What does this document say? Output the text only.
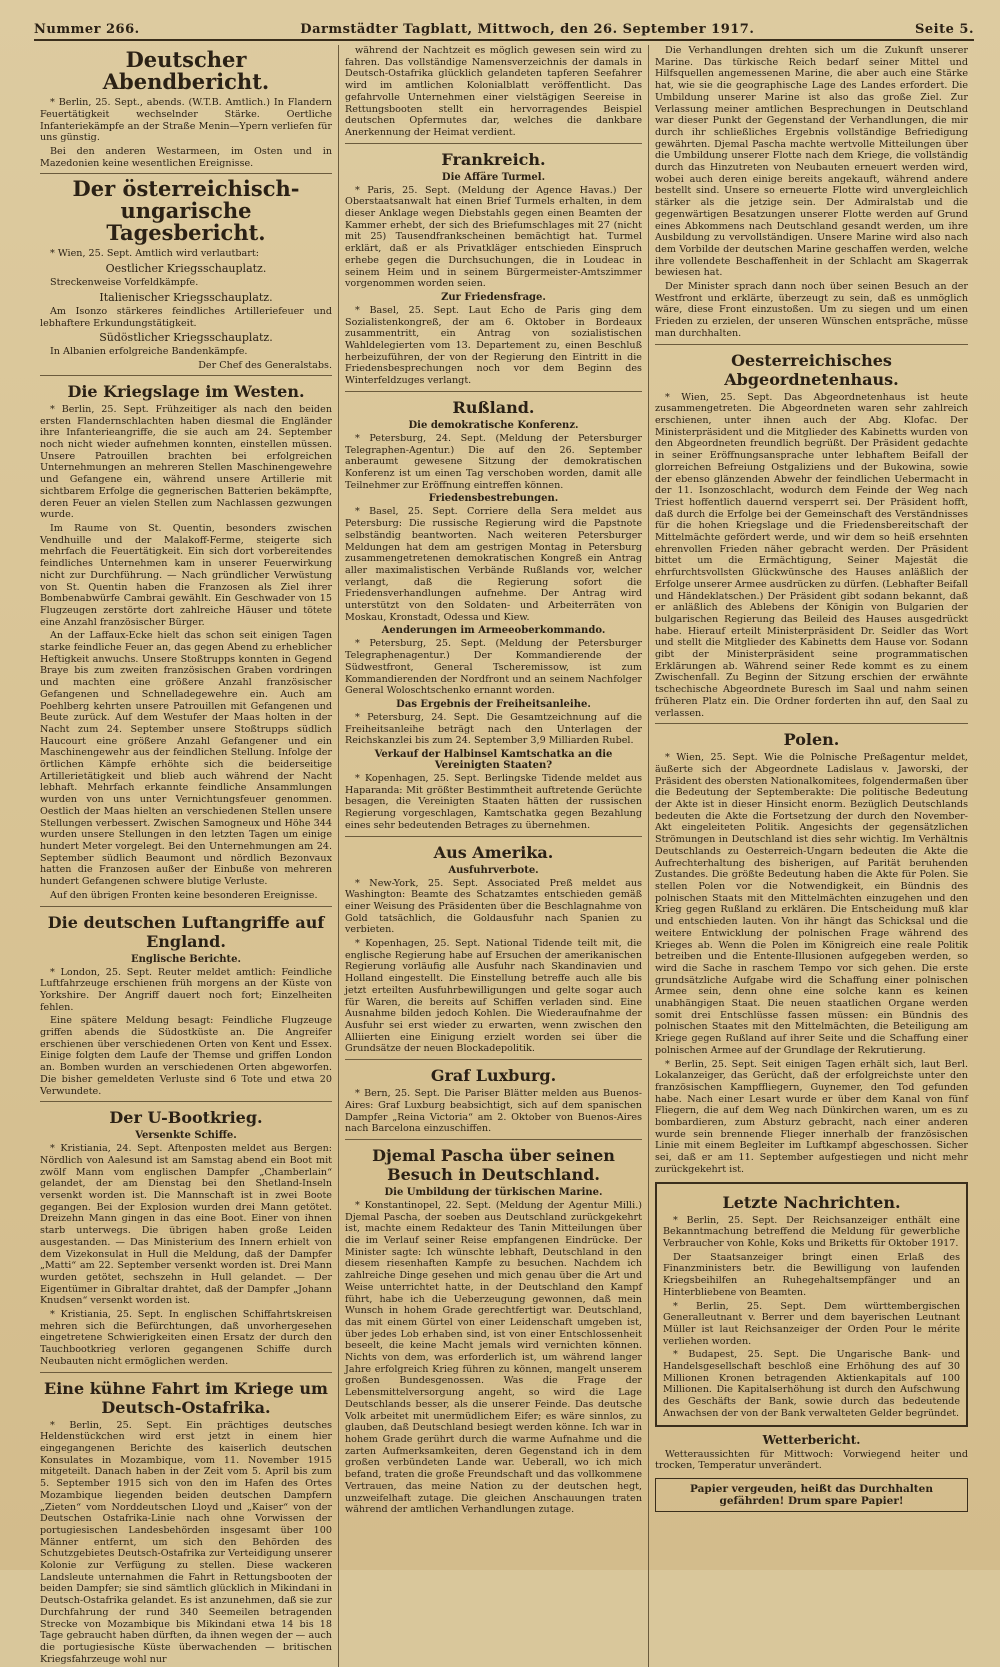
Nummer 266.	Darmstädter Tagblatt, Mittwoch, den 26. September 1917.	Seite 5.
Deutscher Abendbericht.

* Berlin, 25. Sept., abends. (W.T.B. Amtlich.) In Flandern Feuertätigkeit wechselnder Stärke. Oertliche Infanteriekämpfe an der Straße Menin—Ypern verliefen für uns günstig.

Bei den anderen Westarmeen, im Osten und in Mazedonien keine wesentlichen Ereignisse.

Der österreichisch-ungarische Tagesbericht.

* Wien, 25. Sept. Amtlich wird verlautbart:

Oestlicher Kriegsschauplatz.

Streckenweise Vorfeldkämpfe.

Italienischer Kriegsschauplatz.

Am Isonzo stärkeres feindliches Artilleriefeuer und lebhaftere Erkundungstätigkeit.

Südöstlicher Kriegsschauplatz.

In Albanien erfolgreiche Bandenkämpfe.

Der Chef des Generalstabs.
Die Kriegslage im Westen.

* Berlin, 25. Sept. Frühzeitiger als nach den beiden ersten Flandernschlachten haben diesmal die Engländer ihre Infanterieangriffe, die sie auch am 24. September noch nicht wieder aufnehmen konnten, einstellen müssen. Unsere Patrouillen brachten bei erfolgreichen Unternehmungen an mehreren Stellen Maschinengewehre und Gefangene ein, während unsere Artillerie mit sichtbarem Erfolge die gegnerischen Batterien bekämpfte, deren Feuer an vielen Stellen zum Nachlassen gezwungen wurde.

Im Raume von St. Quentin, besonders zwischen Vendhuille und der Malakoff-Ferme, steigerte sich mehrfach die Feuertätigkeit. Ein sich dort vorbereitendes feindliches Unternehmen kam in unserer Feuerwirkung nicht zur Durchführung. — Nach gründlicher Verwüstung von St. Quentin haben die Franzosen als Ziel ihrer Bombenabwürfe Cambrai gewählt. Ein Geschwader von 15 Flugzeugen zerstörte dort zahlreiche Häuser und tötete eine Anzahl französischer Bürger.

An der Laffaux-Ecke hielt das schon seit einigen Tagen starke feindliche Feuer an, das gegen Abend zu erheblicher Heftigkeit anwuchs. Unsere Stoßtrupps konnten in Gegend Braye bis zum zweiten französischen Graben vordringen und machten eine größere Anzahl französischer Gefangenen und Schnelladegewehre ein. Auch am Poehlberg kehrten unsere Patrouillen mit Gefangenen und Beute zurück. Auf dem Westufer der Maas holten in der Nacht zum 24. September unsere Stoßtrupps südlich Haucourt eine größere Anzahl Gefangener und ein Maschinengewehr aus der feindlichen Stellung. Infolge der örtlichen Kämpfe erhöhte sich die beiderseitige Artillerietätigkeit und blieb auch während der Nacht lebhaft. Mehrfach erkannte feindliche Ansammlungen wurden von uns unter Vernichtungsfeuer genommen. Oestlich der Maas hielten an verschiedenen Stellen unsere Stellungen verbessert. Zwischen Samogneux und Höhe 344 wurden unsere Stellungen in den letzten Tagen um einige hundert Meter vorgelegt. Bei den Unternehmungen am 24. September südlich Beaumont und nördlich Bezonvaux hatten die Franzosen außer der Einbuße von mehreren hundert Gefangenen schwere blutige Verluste.

Auf den übrigen Fronten keine besonderen Ereignisse.

Die deutschen Luftangriffe auf England.
Englische Berichte.

* London, 25. Sept. Reuter meldet amtlich: Feindliche Luftfahrzeuge erschienen früh morgens an der Küste von Yorkshire. Der Angriff dauert noch fort; Einzelheiten fehlen.

Eine spätere Meldung besagt: Feindliche Flugzeuge griffen abends die Südostküste an. Die Angreifer erschienen über verschiedenen Orten von Kent und Essex. Einige folgten dem Laufe der Themse und griffen London an. Bomben wurden an verschiedenen Orten abgeworfen. Die bisher gemeldeten Verluste sind 6 Tote und etwa 20 Verwundete.

Der U-Bootkrieg.
Versenkte Schiffe.

* Kristiania, 24. Sept. Aftenposten meldet aus Bergen: Nördlich von Aalesund ist am Samstag abend ein Boot mit zwölf Mann vom englischen Dampfer „Chamberlain“ gelandet, der am Dienstag bei den Shetland-Inseln versenkt worden ist. Die Mannschaft ist in zwei Boote gegangen. Bei der Explosion wurden drei Mann getötet. Dreizehn Mann gingen in das eine Boot. Einer von ihnen starb unterwegs. Die übrigen haben große Leiden ausgestanden. — Das Ministerium des Innern erhielt von dem Vizekonsulat in Hull die Meldung, daß der Dampfer „Matti“ am 22. September versenkt worden ist. Drei Mann wurden getötet, sechszehn in Hull gelandet. — Der Eigentümer in Gibraltar drahtet, daß der Dampfer „Johann Knudsen“ versenkt worden ist.

* Kristiania, 25. Sept. In englischen Schiffahrtskreisen mehren sich die Befürchtungen, daß unvorhergesehen eingetretene Schwierigkeiten einen Ersatz der durch den Tauchbootkrieg verloren gegangenen Schiffe durch Neubauten nicht ermöglichen werden.

Eine kühne Fahrt im Kriege um Deutsch-Ostafrika.

* Berlin, 25. Sept. Ein prächtiges deutsches Heldenstückchen wird erst jetzt in einem hier eingegangenen Berichte des kaiserlich deutschen Konsulates in Mozambique, vom 11. November 1915 mitgeteilt. Danach haben in der Zeit vom 5. April bis zum 5. September 1915 sich von den im Hafen des Ortes Mozambique liegenden beiden deutschen Dampfern „Zieten“ vom Norddeutschen Lloyd und „Kaiser“ von der Deutschen Ostafrika-Linie nach ohne Vorwissen der portugiesischen Landesbehörden insgesamt über 100 Männer entfernt, um sich den Behörden des Schutzgebietes Deutsch-Ostafrika zur Verteidigung unserer Kolonie zur Verfügung zu stellen. Diese wackeren Landsleute unternahmen die Fahrt in Rettungsbooten der beiden Dampfer; sie sind sämtlich glücklich in Mikindani in Deutsch-Ostafrika gelandet. Es ist anzunehmen, daß sie zur Durchfahrung der rund 340 Seemeilen betragenden Strecke von Mozambique bis Mikindani etwa 14 bis 18 Tage gebraucht haben dürften, da ihnen wegen der — auch die portugiesische Küste überwachenden — britischen Kriegsfahrzeuge wohl nur

während der Nachtzeit es möglich gewesen sein wird zu fahren. Das vollständige Namensverzeichnis der damals in Deutsch-Ostafrika glücklich gelandeten tapferen Seefahrer wird im amtlichen Kolonialblatt veröffentlicht. Das gefahrvolle Unternehmen einer vielstägigen Seereise in Rettungsbooten stellt ein hervorragendes Beispiel deutschen Opfermutes dar, welches die dankbare Anerkennung der Heimat verdient.

Frankreich.
Die Affäre Turmel.

* Paris, 25. Sept. (Meldung der Agence Havas.) Der Oberstaatsanwalt hat einen Brief Turmels erhalten, in dem dieser Anklage wegen Diebstahls gegen einen Beamten der Kammer erhebt, der sich des Briefumschlages mit 27 (nicht mit 25) Tausendfrankscheinen bemächtigt hat. Turmel erklärt, daß er als Privatkläger entschieden Einspruch erhebe gegen die Durchsuchungen, die in Loudeac in seinem Heim und in seinem Bürgermeister-Amtszimmer vorgenommen worden seien.

Zur Friedensfrage.

* Basel, 25. Sept. Laut Echo de Paris ging dem Sozialistenkongreß, der am 6. Oktober in Bordeaux zusammentritt, ein Antrag von sozialistischen Wahldelegierten vom 13. Departement zu, einen Beschluß herbeizuführen, der von der Regierung den Eintritt in die Friedensbesprechungen noch vor dem Beginn des Winterfeldzuges verlangt.

Rußland.
Die demokratische Konferenz.

* Petersburg, 24. Sept. (Meldung der Petersburger Telegraphen-Agentur.) Die auf den 26. September anberaumt gewesene Sitzung der demokratischen Konferenz ist um einen Tag verschoben worden, damit alle Teilnehmer zur Eröffnung eintreffen können.

Friedensbestrebungen.

* Basel, 25. Sept. Corriere della Sera meldet aus Petersburg: Die russische Regierung wird die Papstnote selbständig beantworten. Nach weiteren Petersburger Meldungen hat dem am gestrigen Montag in Petersburg zusammengetretenen demokratischen Kongreß ein Antrag aller maximalistischen Verbände Rußlands vor, welcher verlangt, daß die Regierung sofort die Friedensverhandlungen aufnehme. Der Antrag wird unterstützt von den Soldaten- und Arbeiterräten von Moskau, Kronstadt, Odessa und Kiew.

Aenderungen im Armeeoberkommando.

* Petersburg, 25. Sept. (Meldung der Petersburger Telegraphenagentur.) Der Kommandierende der Südwestfront, General Tscheremissow, ist zum Kommandierenden der Nordfront und an seinem Nachfolger General Woloschtschenko ernannt worden.

Das Ergebnis der Freiheitsanleihe.

* Petersburg, 24. Sept. Die Gesamtzeichnung auf die Freiheitsanleihe beträgt nach den Unterlagen der Reichskanzlei bis zum 24. September 3,9 Milliarden Rubel.

Verkauf der Halbinsel Kamtschatka an die Vereinigten Staaten?

* Kopenhagen, 25. Sept. Berlingske Tidende meldet aus Haparanda: Mit größter Bestimmtheit auftretende Gerüchte besagen, die Vereinigten Staaten hätten der russischen Regierung vorgeschlagen, Kamtschatka gegen Bezahlung eines sehr bedeutenden Betrages zu übernehmen.

Aus Amerika.
Ausfuhrverbote.

* New-York, 25. Sept. Associated Preß meldet aus Washington: Beamte des Schatzamtes entschieden gemäß einer Weisung des Präsidenten über die Beschlagnahme von Gold tatsächlich, die Goldausfuhr nach Spanien zu verbieten.

* Kopenhagen, 25. Sept. National Tidende teilt mit, die englische Regierung habe auf Ersuchen der amerikanischen Regierung vorläufig alle Ausfuhr nach Skandinavien und Holland eingestellt. Die Einstellung betreffe auch alle bis jetzt erteilten Ausfuhrbewilligungen und gelte sogar auch für Waren, die bereits auf Schiffen verladen sind. Eine Ausnahme bilden jedoch Kohlen. Die Wiederaufnahme der Ausfuhr sei erst wieder zu erwarten, wenn zwischen den Alliierten eine Einigung erzielt worden sei über die Grundsätze der neuen Blockadepolitik.

Graf Luxburg.

* Bern, 25. Sept. Die Pariser Blätter melden aus Buenos-Aires: Graf Luxburg beabsichtigt, sich auf dem spanischen Dampfer „Reina Victoria“ am 2. Oktober von Buenos-Aires nach Barcelona einzuschiffen.

Djemal Pascha über seinen Besuch in Deutschland.
Die Umbildung der türkischen Marine.

* Konstantinopel, 22. Sept. (Meldung der Agentur Milli.) Djemal Pascha, der soeben aus Deutschland zurückgekehrt ist, machte einem Redakteur des Tanin Mitteilungen über die im Verlauf seiner Reise empfangenen Eindrücke. Der Minister sagte: Ich wünschte lebhaft, Deutschland in den diesem riesenhaften Kampfe zu besuchen. Nachdem ich zahlreiche Dinge gesehen und mich genau über die Art und Weise unterrichtet hatte, in der Deutschland den Kampf führt, habe ich die Ueberzeugung gewonnen, daß mein Wunsch in hohem Grade gerechtfertigt war. Deutschland, das mit einem Gürtel von einer Leidenschaft umgeben ist, über jedes Lob erhaben sind, ist von einer Entschlossenheit beseelt, die keine Macht jemals wird vernichten können. Nichts von dem, was erforderlich ist, um während langer Jahre erfolgreich Krieg führen zu können, mangelt unserem großen Bundesgenossen. Was die Frage der Lebensmittelversorgung angeht, so wird die Lage Deutschlands besser, als die unserer Feinde. Das deutsche Volk arbeitet mit unermüdlichem Eifer; es wäre sinnlos, zu glauben, daß Deutschland besiegt werden könne. Ich war in hohem Grade gerührt durch die warme Aufnahme und die zarten Aufmerksamkeiten, deren Gegenstand ich in dem großen verbündeten Lande war. Ueberall, wo ich mich befand, traten die große Freundschaft und das vollkommene Vertrauen, das meine Nation zu der deutschen hegt, unzweifelhaft zutage. Die gleichen Anschauungen traten während der amtlichen Verhandlungen zutage.

Die Verhandlungen drehten sich um die Zukunft unserer Marine. Das türkische Reich bedarf seiner Mittel und Hilfsquellen angemessenen Marine, die aber auch eine Stärke hat, wie sie die geographische Lage des Landes erfordert. Die Umbildung unserer Marine ist also das große Ziel. Zur Verlassung meiner amtlichen Besprechungen in Deutschland war dieser Punkt der Gegenstand der Verhandlungen, die mir durch ihr schließliches Ergebnis vollständige Befriedigung gewährten. Djemal Pascha machte wertvolle Mitteilungen über die Umbildung unserer Flotte nach dem Kriege, die vollständig durch das Hinzutreten von Neubauten erneuert werden wird, wobei auch deren einige bereits angekauft, während andere bestellt sind. Unsere so erneuerte Flotte wird unvergleichlich stärker als die jetzige sein. Der Admiralstab und die gegenwärtigen Besatzungen unserer Flotte werden auf Grund eines Abkommens nach Deutschland gesandt werden, um ihre Ausbildung zu vervollständigen. Unsere Marine wird also nach dem Vorbilde der deutschen Marine geschaffen werden, welche ihre vollendete Beschaffenheit in der Schlacht am Skagerrak bewiesen hat.

Der Minister sprach dann noch über seinen Besuch an der Westfront und erklärte, überzeugt zu sein, daß es unmöglich wäre, diese Front einzustoßen. Um zu siegen und um einen Frieden zu erzielen, der unseren Wünschen entspräche, müsse man durchhalten.

Oesterreichisches Abgeordnetenhaus.

* Wien, 25. Sept. Das Abgeordnetenhaus ist heute zusammengetreten. Die Abgeordneten waren sehr zahlreich erschienen, unter ihnen auch der Abg. Klofac. Der Ministerpräsident und die Mitglieder des Kabinetts wurden von den Abgeordneten freundlich begrüßt. Der Präsident gedachte in seiner Eröffnungsansprache unter lebhaftem Beifall der glorreichen Befreiung Ostgaliziens und der Bukowina, sowie der ebenso glänzenden Abwehr der feindlichen Uebermacht in der 11. Isonzoschlacht, wodurch dem Feinde der Weg nach Triest hoffentlich dauernd versperrt sei. Der Präsident hofft, daß durch die Erfolge bei der Gemeinschaft des Verständnisses für die hohen Kriegslage und die Friedensbereitschaft der Mittelmächte gefördert werde, und wir dem so heiß ersehnten ehrenvollen Frieden näher gebracht werden. Der Präsident bittet um die Ermächtigung, Seiner Majestät die ehrfurchtsvollsten Glückwünsche des Hauses anläßlich der Erfolge unserer Armee ausdrücken zu dürfen. (Lebhafter Beifall und Händeklatschen.) Der Präsident gibt sodann bekannt, daß er anläßlich des Ablebens der Königin von Bulgarien der bulgarischen Regierung das Beileid des Hauses ausgedrückt habe. Hierauf erteilt Ministerpräsident Dr. Seidler das Wort und stellt die Mitglieder des Kabinetts dem Hause vor. Sodann gibt der Ministerpräsident seine programmatischen Erklärungen ab. Während seiner Rede kommt es zu einem Zwischenfall. Zu Beginn der Sitzung erschien der erwähnte tschechische Abgeordnete Buresch im Saal und nahm seinen früheren Platz ein. Die Ordner forderten ihn auf, den Saal zu verlassen.

Polen.

* Wien, 25. Sept. Wie die Polnische Preßagentur meldet, äußerte sich der Abgeordnete Ladislaus v. Jaworski, der Präsident des obersten Nationalkomitees, folgendermaßen über die Bedeutung der Septemberakte: Die politische Bedeutung der Akte ist in dieser Hinsicht enorm. Bezüglich Deutschlands bedeuten die Akte die Fortsetzung der durch den November-Akt eingeleiteten Politik. Angesichts der gegensätzlichen Strömungen in Deutschland ist dies sehr wichtig. Im Verhältnis Deutschlands zu Oesterreich-Ungarn bedeuten die Akte die Aufrechterhaltung des bisherigen, auf Parität beruhenden Zustandes. Die größte Bedeutung haben die Akte für Polen. Sie stellen Polen vor die Notwendigkeit, ein Bündnis des polnischen Staats mit den Mittelmächten einzugehen und den Krieg gegen Rußland zu erklären. Die Entscheidung muß klar und entschieden lauten. Von ihr hängt das Schicksal und die weitere Entwicklung der polnischen Frage während des Krieges ab. Wenn die Polen im Königreich eine reale Politik betreiben und die Entente-Illusionen aufgegeben werden, so wird die Sache in raschem Tempo vor sich gehen. Die erste grundsätzliche Aufgabe wird die Schaffung einer polnischen Armee sein, denn ohne eine solche kann es keinen unabhängigen Staat. Die neuen staatlichen Organe werden somit drei Entschlüsse fassen müssen: ein Bündnis des polnischen Staates mit den Mittelmächten, die Beteiligung am Kriege gegen Rußland auf ihrer Seite und die Schaffung einer polnischen Armee auf der Grundlage der Rekrutierung.

* Berlin, 25. Sept. Seit einigen Tagen erhält sich, laut Berl. Lokalanzeiger, das Gerücht, daß der erfolgreichste unter den französischen Kampffliegern, Guynemer, den Tod gefunden habe. Nach einer Lesart wurde er über dem Kanal von fünf Fliegern, die auf dem Weg nach Dünkirchen waren, um es zu bombardieren, zum Absturz gebracht, nach einer anderen wurde sein brennende Flieger innerhalb der französischen Linie mit einem Begleiter im Luftkampf abgeschossen. Sicher sei, daß er am 11. September aufgestiegen und nicht mehr zurückgekehrt ist.

Letzte Nachrichten.

* Berlin, 25. Sept. Der Reichsanzeiger enthält eine Bekanntmachung betreffend die Meldung für gewerbliche Verbraucher von Kohle, Koks und Briketts für Oktober 1917.

Der Staatsanzeiger bringt einen Erlaß des Finanzministers betr. die Bewilligung von laufenden Kriegsbeihilfen an Ruhegehaltsempfänger und an Hinterbliebene von Beamten.

* Berlin, 25. Sept. Dem württembergischen Generalleutnant v. Berrer und dem bayerischen Leutnant Müller ist laut Reichsanzeiger der Orden Pour le mérite verliehen worden.

* Budapest, 25. Sept. Die Ungarische Bank- und Handelsgesellschaft beschloß eine Erhöhung des auf 30 Millionen Kronen betragenden Aktienkapitals auf 100 Millionen. Die Kapitalserhöhung ist durch den Aufschwung des Geschäfts der Bank, sowie durch das bedeutende Anwachsen der von der Bank verwalteten Gelder begründet.

Wetterbericht.

Wetteraussichten für Mittwoch: Vorwiegend heiter und trocken, Temperatur unverändert.

Papier vergeuden, heißt das Durchhalten gefährden! Drum spare Papier!
